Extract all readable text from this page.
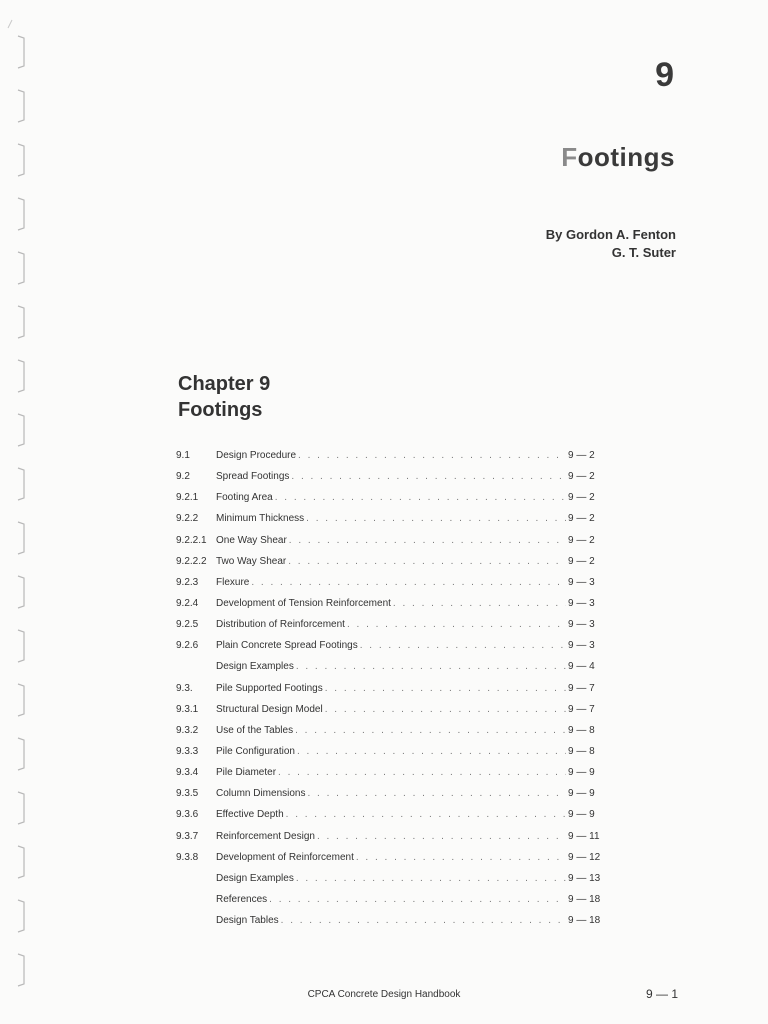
9
Footings
By Gordon A. Fenton
G. T. Suter
Chapter 9
Footings
9.1	Design Procedure . . .	9 — 2
9.2	Spread Footings . . .	9 — 2
9.2.1	Footing Area . . .	9 — 2
9.2.2	Minimum Thickness . . .	9 — 2
9.2.2.1 One Way Shear . . .	9 — 2
9.2.2.2 Two Way Shear . . .	9 — 2
9.2.3	Flexure . . .	9 — 3
9.2.4	Development of Tension Reinforcement . . .	9 — 3
9.2.5	Distribution of Reinforcement . . .	9 — 3
9.2.6	Plain Concrete Spread Footings . . .	9 — 3
Design Examples . . .	9 — 4
9.3.	Pile Supported Footings . . .	9 — 7
9.3.1	Structural Design Model . . .	9 — 7
9.3.2	Use of the Tables . . .	9 — 8
9.3.3	Pile Configuration . . .	9 — 8
9.3.4	Pile Diameter . . .	9 — 9
9.3.5	Column Dimensions . . .	9 — 9
9.3.6	Effective Depth . . .	9 — 9
9.3.7	Reinforcement Design . . .	9 — 11
9.3.8	Development of Reinforcement . . .	9 — 12
Design Examples . . .	9 — 13
References . . .	9 — 18
Design Tables . . .	9 — 18
CPCA Concrete Design Handbook	9 — 1
